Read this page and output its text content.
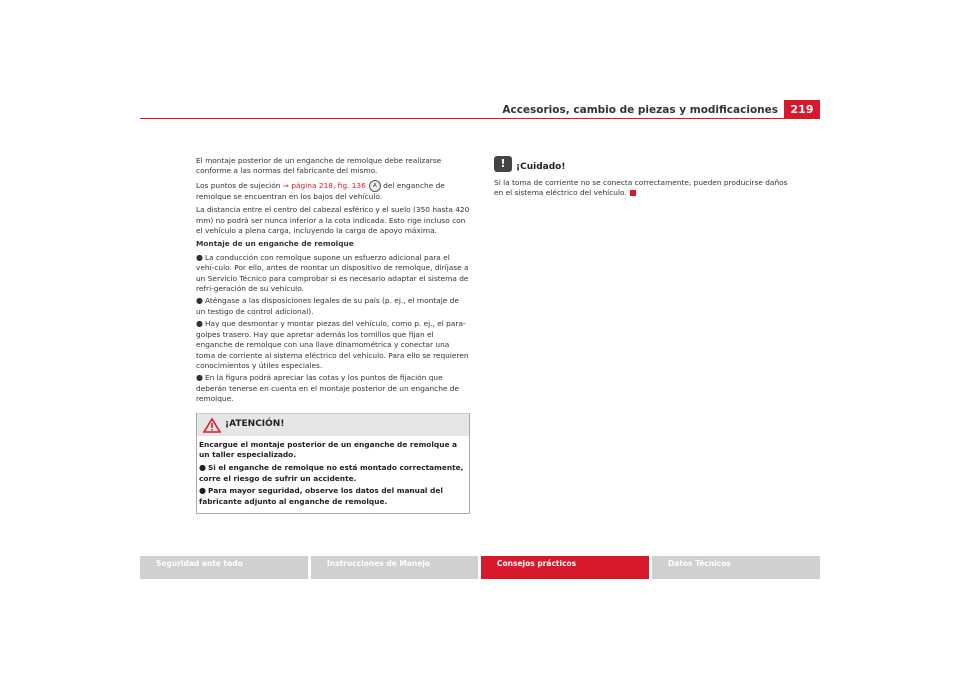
Accesorios, cambio de piezas y modificaciones	219

El montaje posterior de un enganche de remolque debe realizarse conforme a las normas del fabricante del mismo.

Los puntos de sujeción ⇒ página 218, fig. 136 A del enganche de remolque se encuentran en los bajos del vehículo.

La distancia entre el centro del cabezal esférico y el suelo (350 hasta 420 mm) no podrá ser nunca inferior a la cota indicada. Esto rige incluso con el vehículo a plena carga, incluyendo la carga de apoyo máxima.

Montaje de un enganche de remolque

● La conducción con remolque supone un esfuerzo adicional para el vehí-culo. Por ello, antes de montar un dispositivo de remolque, diríjase a un Servicio Técnico para comprobar si es necesario adaptar el sistema de refri-geración de su vehículo.

● Aténgase a las disposiciones legales de su país (p. ej., el montaje de un testigo de control adicional).

● Hay que desmontar y montar piezas del vehículo, como p. ej., el para-golpes trasero. Hay que apretar además los tornillos que fijan el enganche de remolque con una llave dinamométrica y conectar una toma de corriente al sistema eléctrico del vehículo. Para ello se requieren conocimientos y útiles especiales.

● En la figura podrá apreciar las cotas y los puntos de fijación que deberán tenerse en cuenta en el montaje posterior de un enganche de remolque.

¡ATENCIÓN!

Encargue el montaje posterior de un enganche de remolque a un taller especializado.

● Si el enganche de remolque no está montado correctamente, corre el riesgo de sufrir un accidente.

● Para mayor seguridad, observe los datos del manual del fabricante adjunto al enganche de remolque.

!	¡Cuidado!

Si la toma de corriente no se conecta correctamente, pueden producirse daños en el sistema eléctrico del vehículo.

Seguridad ante todo	Instrucciones de Manejo	Consejos prácticos	Datos Técnicos
